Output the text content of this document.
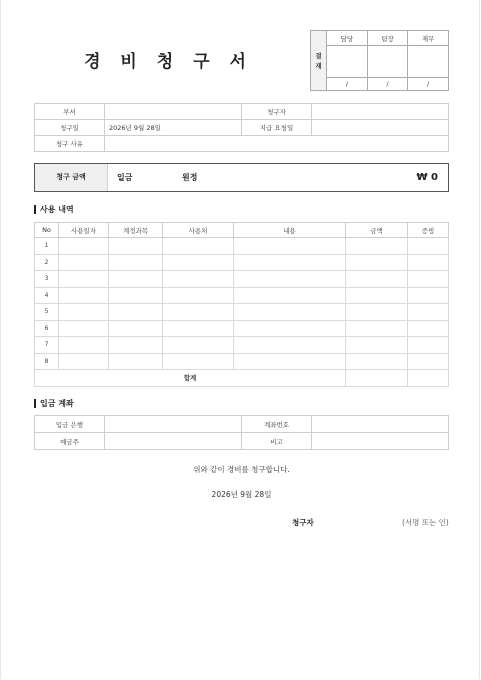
경 비 청 구 서	결
재	담당	팀장	재무

	/	/	/
부서		청구자	
청구일	2026년 9월 28일	지급 요청일	
청구 사유			
청구 금액	일금	원정	₩ 0
사용 내역
No	사용일자	계정과목	사용처	내용	금액	증빙
1						
2						
3						
4						
5						
6						
7						
8						
합계						
입금 계좌
입금 은행		계좌번호	
예금주		비고	
위와 같이 경비를 청구합니다.
2026년 9월 28일
청구자	(서명 또는 인)
